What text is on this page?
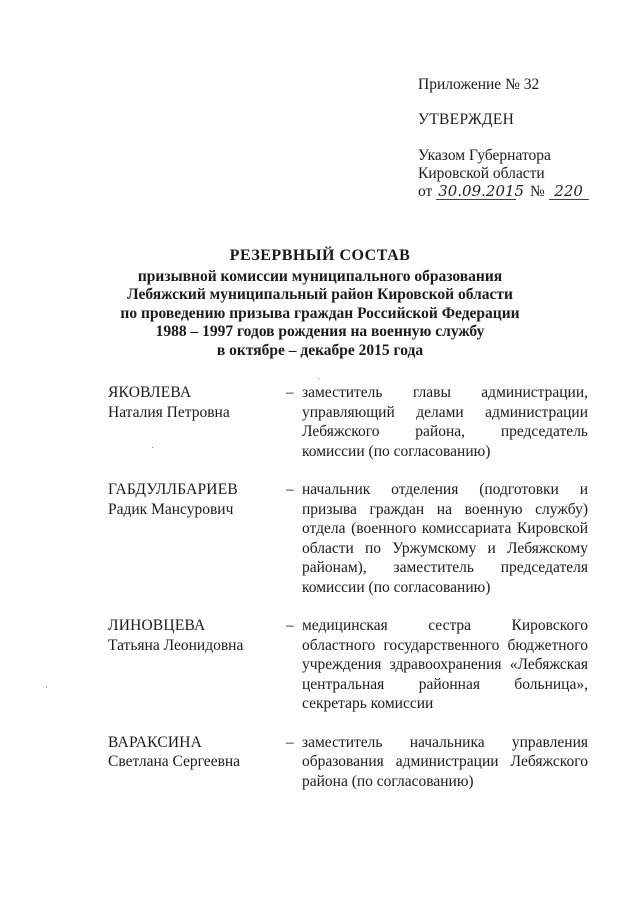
Приложение № 32

УТВЕРЖДЕН

Указом Губернатора

Кировской области

от 30.09.2015 № 220

РЕЗЕРВНЫЙ СОСТАВ

призывной комиссии муниципального образования

Лебяжский муниципальный район Кировской области

по проведению призыва граждан Российской Федерации

1988 – 1997 годов рождения на военную службу

в октябре – декабре 2015 года

ЯКОВЛЕВА
Наталия Петровна
– заместитель главы администрации, управляющий делами администрации Лебяжского района, председатель комиссии (по согласованию)
ГАБДУЛЛБАРИЕВ
Радик Мансурович
– начальник отделения (подготовки и призыва граждан на военную службу) отдела (военного комиссариата Кировской области по Уржумскому и Лебяжскому районам), заместитель председателя комиссии (по согласованию)
ЛИНОВЦЕВА
Татьяна Леонидовна
– медицинская сестра Кировского областного государственного бюджетного учреждения здравоохранения «Лебяжская центральная районная больница», секретарь комиссии
ВАРАКСИНА
Светлана Сергеевна
– заместитель начальника управления образования администрации Лебяжского района (по согласованию)
